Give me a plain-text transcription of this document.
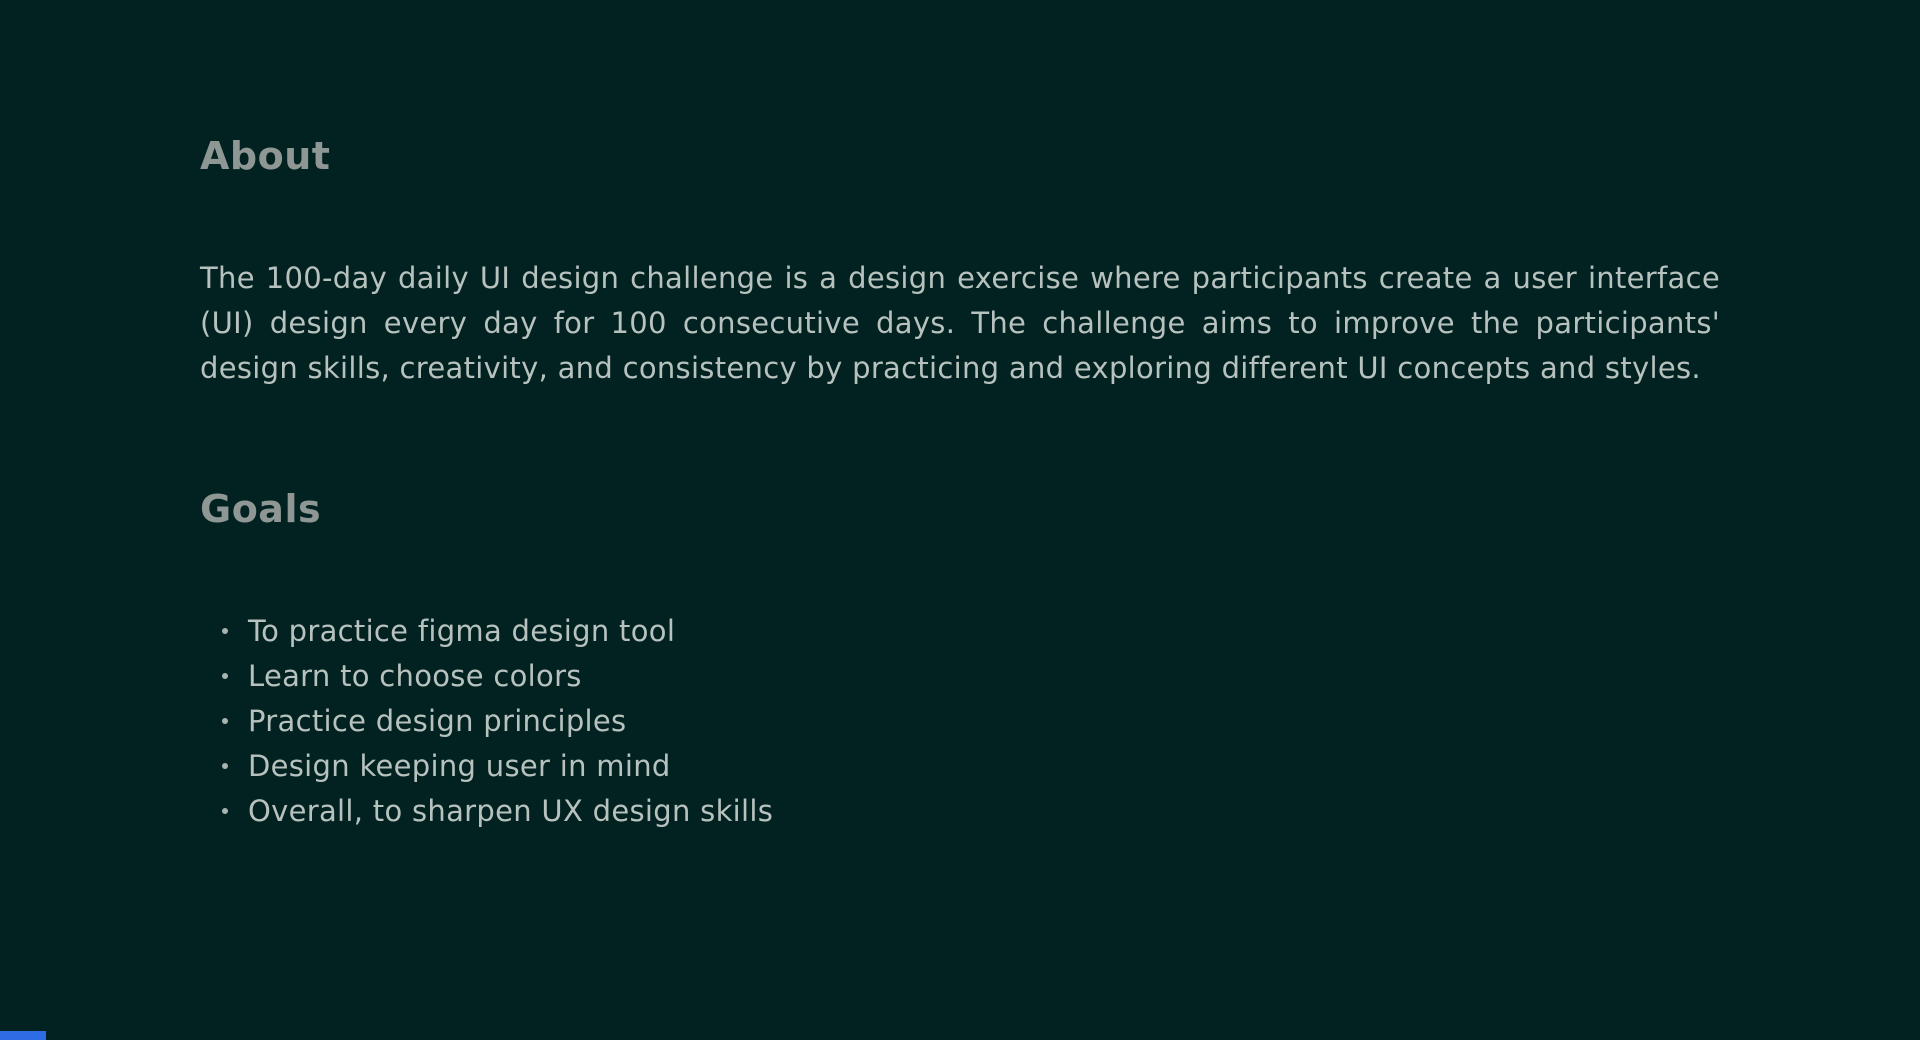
About

The 100-day daily UI design challenge is a design exercise where participants create a user interface (UI) design every day for 100 consecutive days. The challenge aims to improve the participants' design skills, creativity, and consistency by practicing and exploring different UI concepts and styles.

Goals
To practice figma design tool
Learn to choose colors
Practice design principles
Design keeping user in mind
Overall, to sharpen UX design skills
